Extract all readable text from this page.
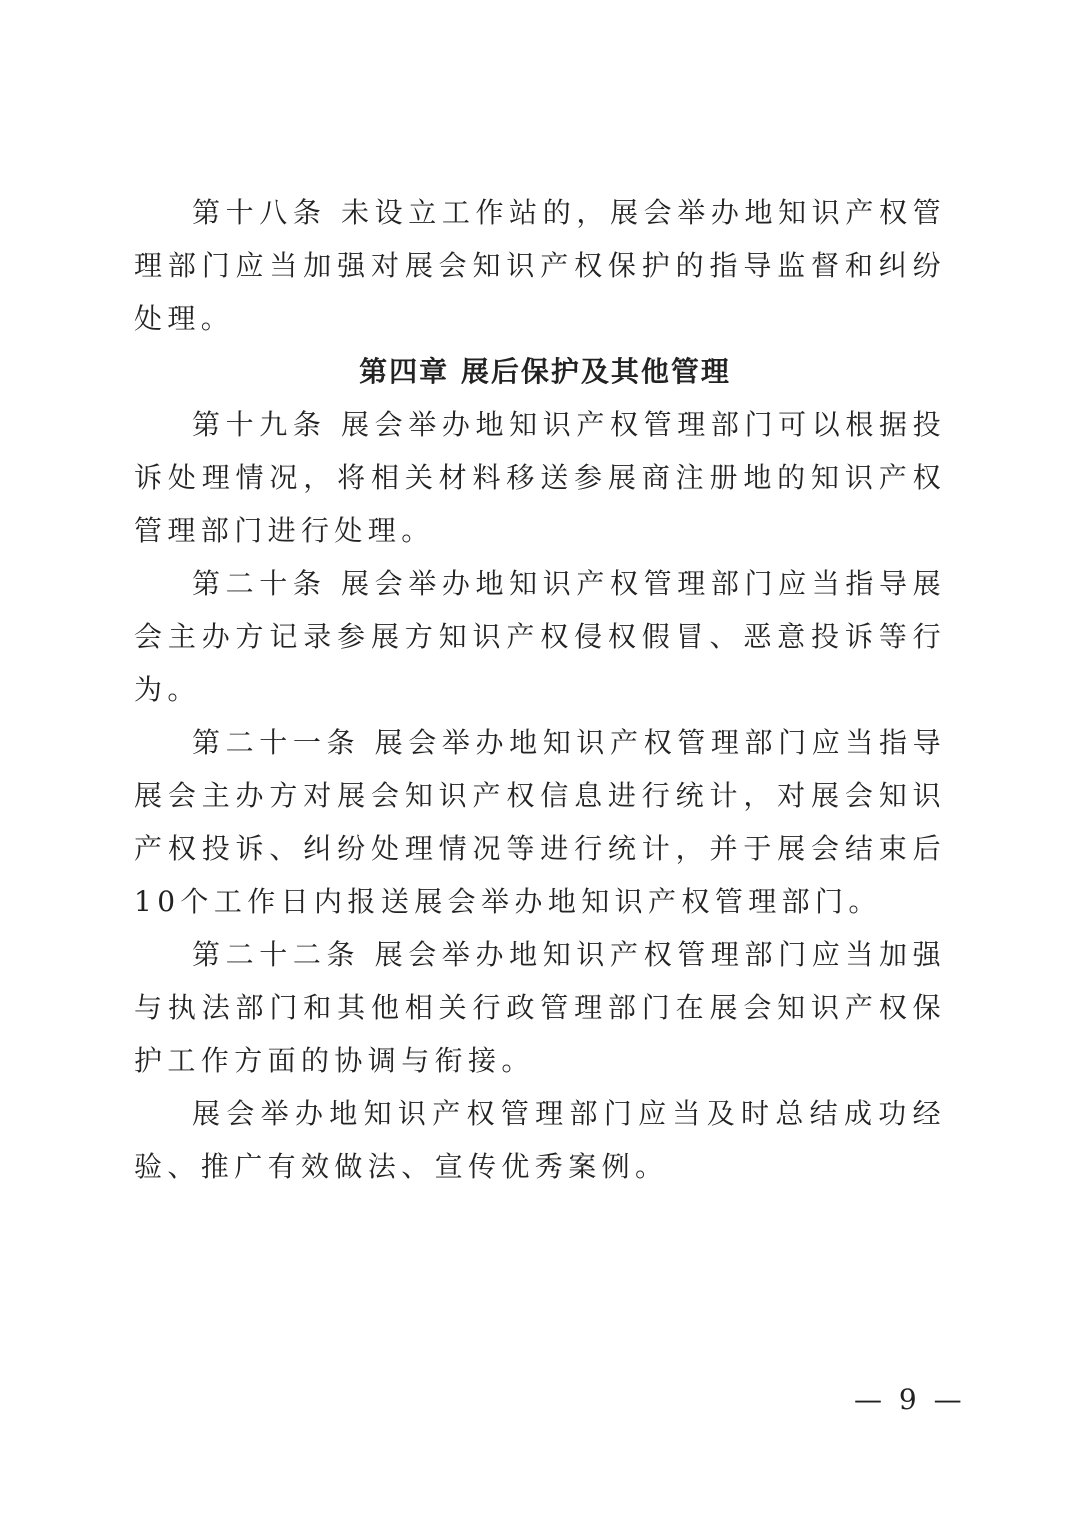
第十八条 未设立工作站的，展会举办地知识产权管理部门应当加强对展会知识产权保护的指导监督和纠纷处理。

第四章 展后保护及其他管理

第十九条 展会举办地知识产权管理部门可以根据投诉处理情况，将相关材料移送参展商注册地的知识产权管理部门进行处理。

第二十条 展会举办地知识产权管理部门应当指导展会主办方记录参展方知识产权侵权假冒、恶意投诉等行为。

第二十一条 展会举办地知识产权管理部门应当指导展会主办方对展会知识产权信息进行统计，对展会知识产权投诉、纠纷处理情况等进行统计，并于展会结束后10个工作日内报送展会举办地知识产权管理部门。

第二十二条 展会举办地知识产权管理部门应当加强与执法部门和其他相关行政管理部门在展会知识产权保护工作方面的协调与衔接。

展会举办地知识产权管理部门应当及时总结成功经验、推广有效做法、宣传优秀案例。

— 9 —
